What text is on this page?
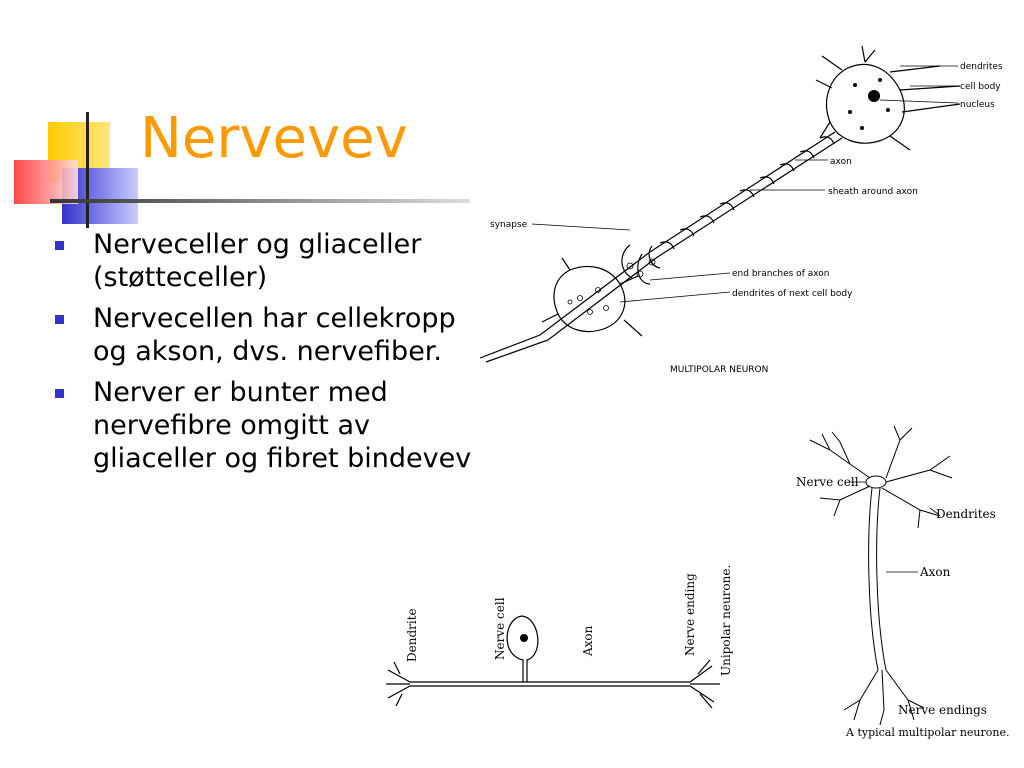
Nervevev
Nerveceller og gliaceller (støtteceller)
Nervecellen har cellekropp og akson, dvs. nervefiber.
Nerver er bunter med nervefibre omgitt av gliaceller og fibret bindevev
dendrites
cell body
nucleus
axon
sheath around axon
synapse
end branches of axon
dendrites of next cell body
MULTIPOLAR NEURON
Dendrite	Nerve cell	Axon	Nerve ending Unipolar neurone.
Nerve cell
Dendrites
Axon
Nerve endings
A typical multipolar neurone.
